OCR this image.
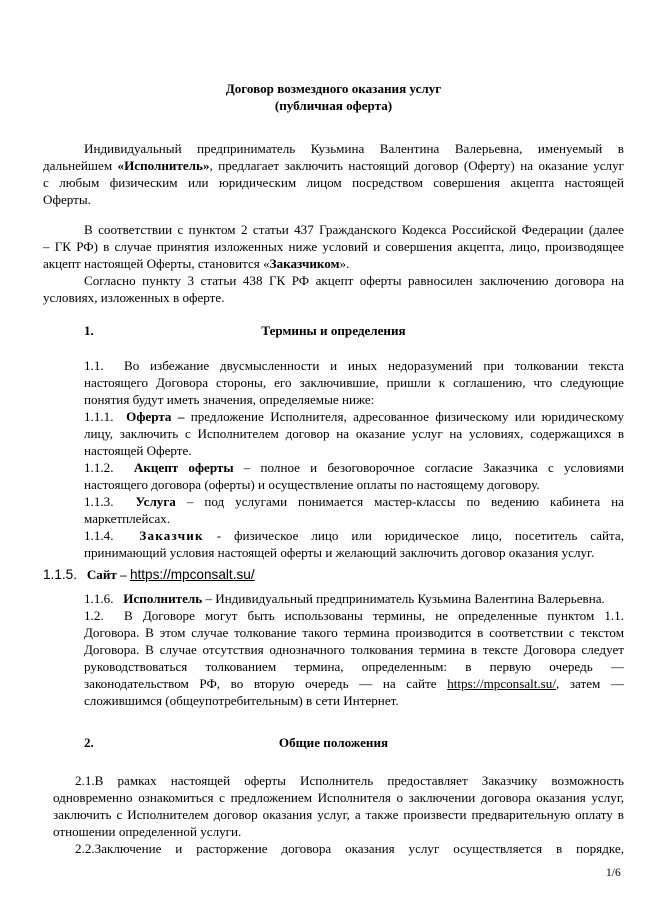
Договор возмездного оказания услуг
(публичная оферта)
Индивидуальный предприниматель Кузьмина Валентина Валерьевна, именуемый в
дальнейшем «Исполнитель», предлагает заключить настоящий договор (Оферту) на оказание услуг
с любым физическим или юридическим лицом посредством совершения акцепта настоящей
Оферты.
В соответствии с пунктом 2 статьи 437 Гражданского Кодекса Российской Федерации (далее
– ГК РФ) в случае принятия изложенных ниже условий и совершения акцепта, лицо, производящее
акцепт настоящей Оферты, становится «Заказчиком».
Согласно пункту 3 статьи 438 ГК РФ акцепт оферты равносилен заключению договора на
условиях, изложенных в оферте.
1.	Термины и определения
1.1. Во избежание двусмысленности и иных недоразумений при толковании текста
настоящего Договора стороны, его заключившие, пришли к соглашению, что следующие
понятия будут иметь значения, определяемые ниже:
1.1.1. Оферта – предложение Исполнителя, адресованное физическому или юридическому
лицу, заключить с Исполнителем договор на оказание услуг на условиях, содержащихся в
настоящей Оферте.
1.1.2. Акцепт оферты – полное и безоговорочное согласие Заказчика с условиями
настоящего договора (оферты) и осуществление оплаты по настоящему договору.
1.1.3. Услуга – под услугами понимается мастер-классы по ведению кабинета на
маркетплейсах.
1.1.4. Заказчик - физическое лицо или юридическое лицо, посетитель сайта,
принимающий условия настоящей оферты и желающий заключить договор оказания услуг.
1.1.5. Сайт – https://mpconsalt.su/
1.1.6. Исполнитель – Индивидуальный предприниматель Кузьмина Валентина Валерьевна.
1.2. В Договоре могут быть использованы термины, не определенные пунктом 1.1.
Договора. В этом случае толкование такого термина производится в соответствии с текстом
Договора. В случае отсутствия однозначного толкования термина в тексте Договора следует
руководствоваться толкованием термина, определенным: в первую очередь —
законодательством РФ, во вторую очередь — на сайте https://mpconsalt.su/, затем —
сложившимся (общеупотребительным) в сети Интернет.
2.	Общие положения
2.1.В рамках настоящей оферты Исполнитель предоставляет Заказчику возможность
одновременно ознакомиться с предложением Исполнителя о заключении договора оказания услуг,
заключить с Исполнителем договор оказания услуг, а также произвести предварительную оплату в
отношении определенной услуги.
2.2.Заключение и расторжение договора оказания услуг осуществляется в порядке,
1/6
